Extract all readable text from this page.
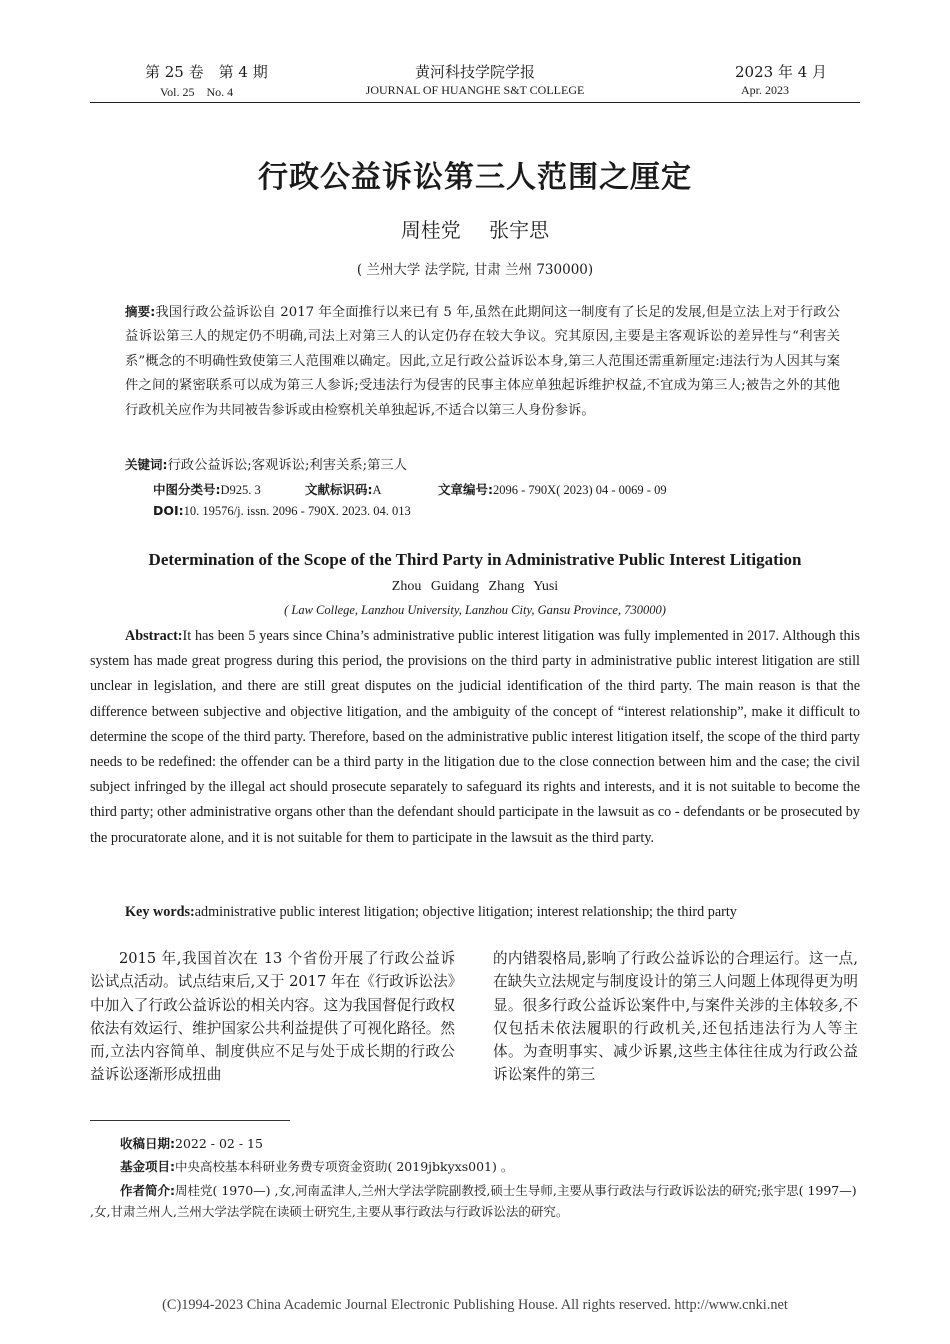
第 25 卷　第 4 期
Vol. 25　No. 4
黄河科技学院学报
JOURNAL OF HUANGHE S&T COLLEGE
2023 年 4 月
Apr. 2023
行政公益诉讼第三人范围之厘定
周桂党 张宇思
( 兰州大学 法学院, 甘肃 兰州 730000)
摘要:我国行政公益诉讼自 2017 年全面推行以来已有 5 年,虽然在此期间这一制度有了长足的发展,但是立法上对于行政公益诉讼第三人的规定仍不明确,司法上对第三人的认定仍存在较大争议。究其原因,主要是主客观诉讼的差异性与“利害关系”概念的不明确性致使第三人范围难以确定。因此,立足行政公益诉讼本身,第三人范围还需重新厘定:违法行为人因其与案件之间的紧密联系可以成为第三人参诉;受违法行为侵害的民事主体应单独起诉维护权益,不宜成为第三人;被告之外的其他行政机关应作为共同被告参诉或由检察机关单独起诉,不适合以第三人身份参诉。
关键词:行政公益诉讼;客观诉讼;利害关系;第三人
中图分类号:D925. 3	文献标识码:A	文章编号:2096 - 790X( 2023) 04 - 0069 - 09
DOI:10. 19576/j. issn. 2096 - 790X. 2023. 04. 013
Determination of the Scope of the Third Party in Administrative Public Interest Litigation
Zhou Guidang Zhang Yusi
( Law College, Lanzhou University, Lanzhou City, Gansu Province, 730000)
Abstract:It has been 5 years since China’s administrative public interest litigation was fully implemented in 2017. Although this system has made great progress during this period, the provisions on the third party in administrative public interest litigation are still unclear in legislation, and there are still great disputes on the judicial identification of the third party. The main reason is that the difference between subjective and objective litigation, and the ambiguity of the concept of “interest relationship”, make it difficult to determine the scope of the third party. Therefore, based on the administrative public interest litigation itself, the scope of the third party needs to be redefined: the offender can be a third party in the litigation due to the close connection between him and the case; the civil subject infringed by the illegal act should prosecute separately to safeguard its rights and interests, and it is not suitable to become the third party; other administrative organs other than the defendant should participate in the lawsuit as co - defendants or be prosecuted by the procuratorate alone, and it is not suitable for them to participate in the lawsuit as the third party.
Key words:administrative public interest litigation; objective litigation; interest relationship; the third party
2015 年,我国首次在 13 个省份开展了行政公益诉讼试点活动。试点结束后,又于 2017 年在《行政诉讼法》中加入了行政公益诉讼的相关内容。这为我国督促行政权依法有效运行、维护国家公共利益提供了可视化路径。然而,立法内容简单、制度供应不足与处于成长期的行政公益诉讼逐渐形成扭曲
的内错裂格局,影响了行政公益诉讼的合理运行。这一点,在缺失立法规定与制度设计的第三人问题上体现得更为明显。很多行政公益诉讼案件中,与案件关涉的主体较多,不仅包括未依法履职的行政机关,还包括违法行为人等主体。为查明事实、减少诉累,这些主体往往成为行政公益诉讼案件的第三
收稿日期:2022 - 02 - 15
基金项目:中央高校基本科研业务费专项资金资助( 2019jbkyxs001) 。
作者简介:周桂党( 1970—) ,女,河南孟津人,兰州大学法学院副教授,硕士生导师,主要从事行政法与行政诉讼法的研究;张宇思( 1997—) ,女,甘肃兰州人,兰州大学法学院在读硕士研究生,主要从事行政法与行政诉讼法的研究。
(C)1994-2023 China Academic Journal Electronic Publishing House. All rights reserved. http://www.cnki.net
